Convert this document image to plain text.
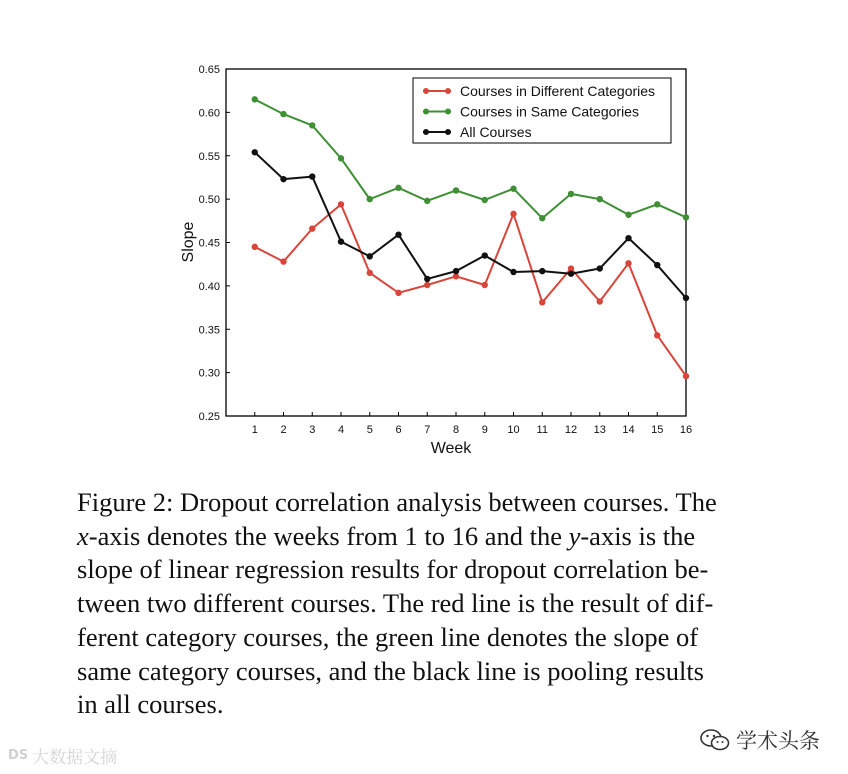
0.25
0.30
0.35
0.40
0.45
0.50
0.55
0.60
0.65
1 2 3 4 5 6 7 8 9 10 11 12 13 14 15 16
Week
Slope
Courses in Different Categories
Courses in Same Categories
All Courses
Figure 2: Dropout correlation analysis between courses. The
x-axis denotes the weeks from 1 to 16 and the y-axis is the
slope of linear regression results for dropout correlation be-
tween two different courses. The red line is the result of dif-
ferent category courses, the green line denotes the slope of
same category courses, and the black line is pooling results
in all courses.
DS 大数据文摘
学术头条
